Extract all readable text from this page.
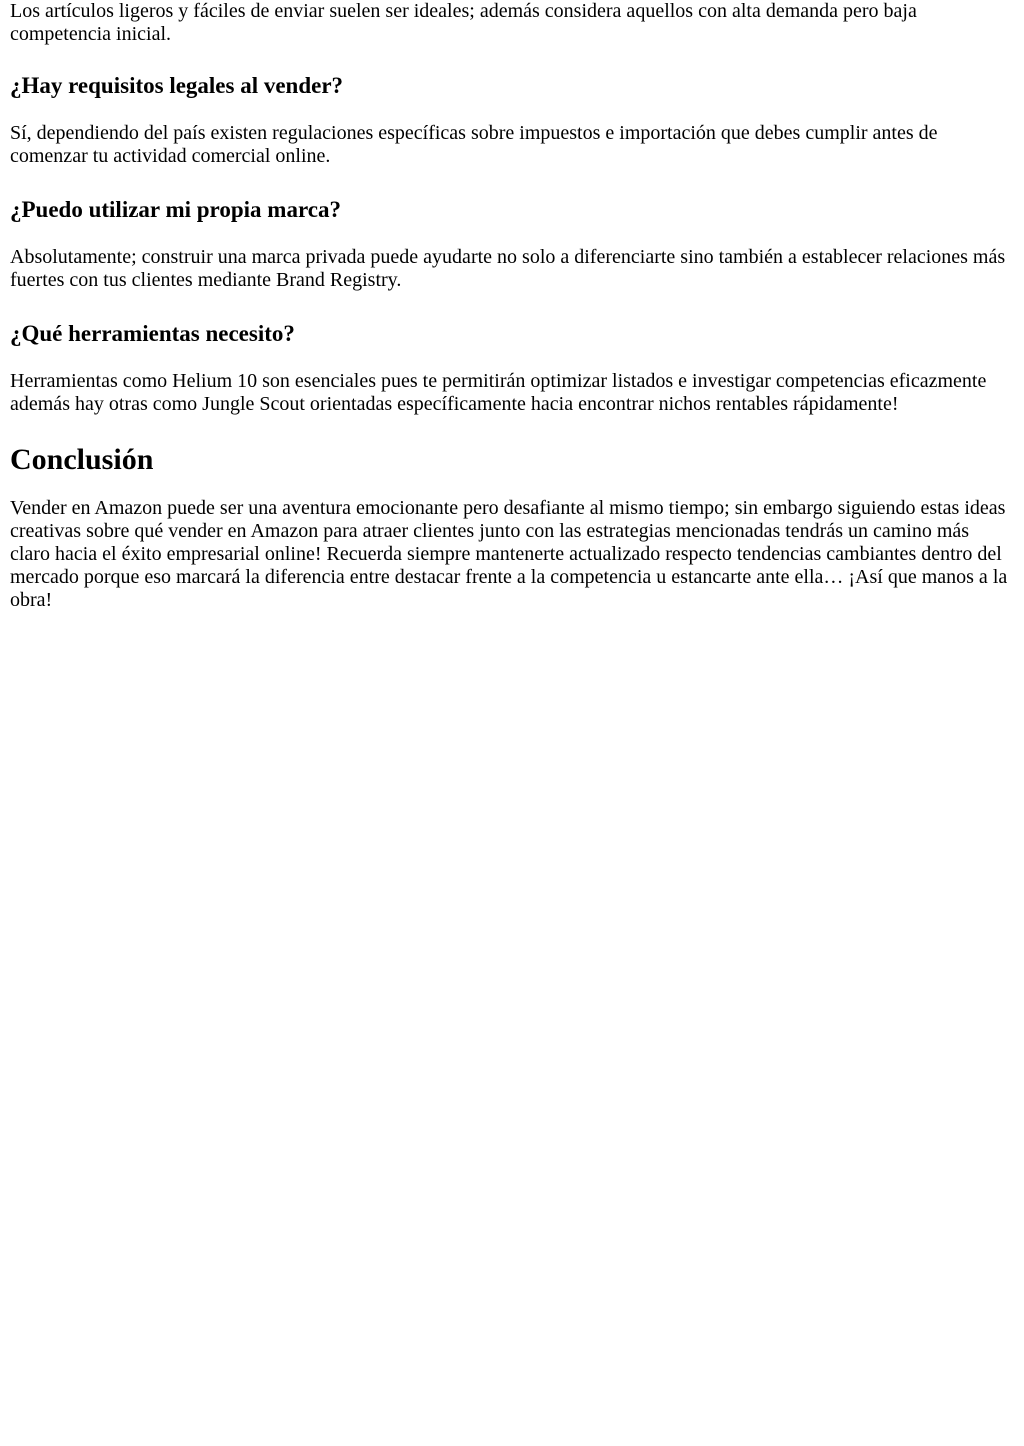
Los artículos ligeros y fáciles de enviar suelen ser ideales; además considera aquellos con alta demanda pero baja competencia inicial.

¿Hay requisitos legales al vender?

Sí, dependiendo del país existen regulaciones específicas sobre impuestos e importación que debes cumplir antes de comenzar tu actividad comercial online.

¿Puedo utilizar mi propia marca?

Absolutamente; construir una marca privada puede ayudarte no solo a diferenciarte sino también a establecer relaciones más fuertes con tus clientes mediante Brand Registry.

¿Qué herramientas necesito?

Herramientas como Helium 10 son esenciales pues te permitirán optimizar listados e investigar competencias eficazmente además hay otras como Jungle Scout orientadas específicamente hacia encontrar nichos rentables rápidamente!

Conclusión

Vender en Amazon puede ser una aventura emocionante pero desafiante al mismo tiempo; sin embargo siguiendo estas ideas creativas sobre qué vender en Amazon para atraer clientes junto con las estrategias mencionadas tendrás un camino más claro hacia el éxito empresarial online! Recuerda siempre mantenerte actualizado respecto tendencias cambiantes dentro del mercado porque eso marcará la diferencia entre destacar frente a la competencia u estancarte ante ella… ¡Así que manos a la obra!
